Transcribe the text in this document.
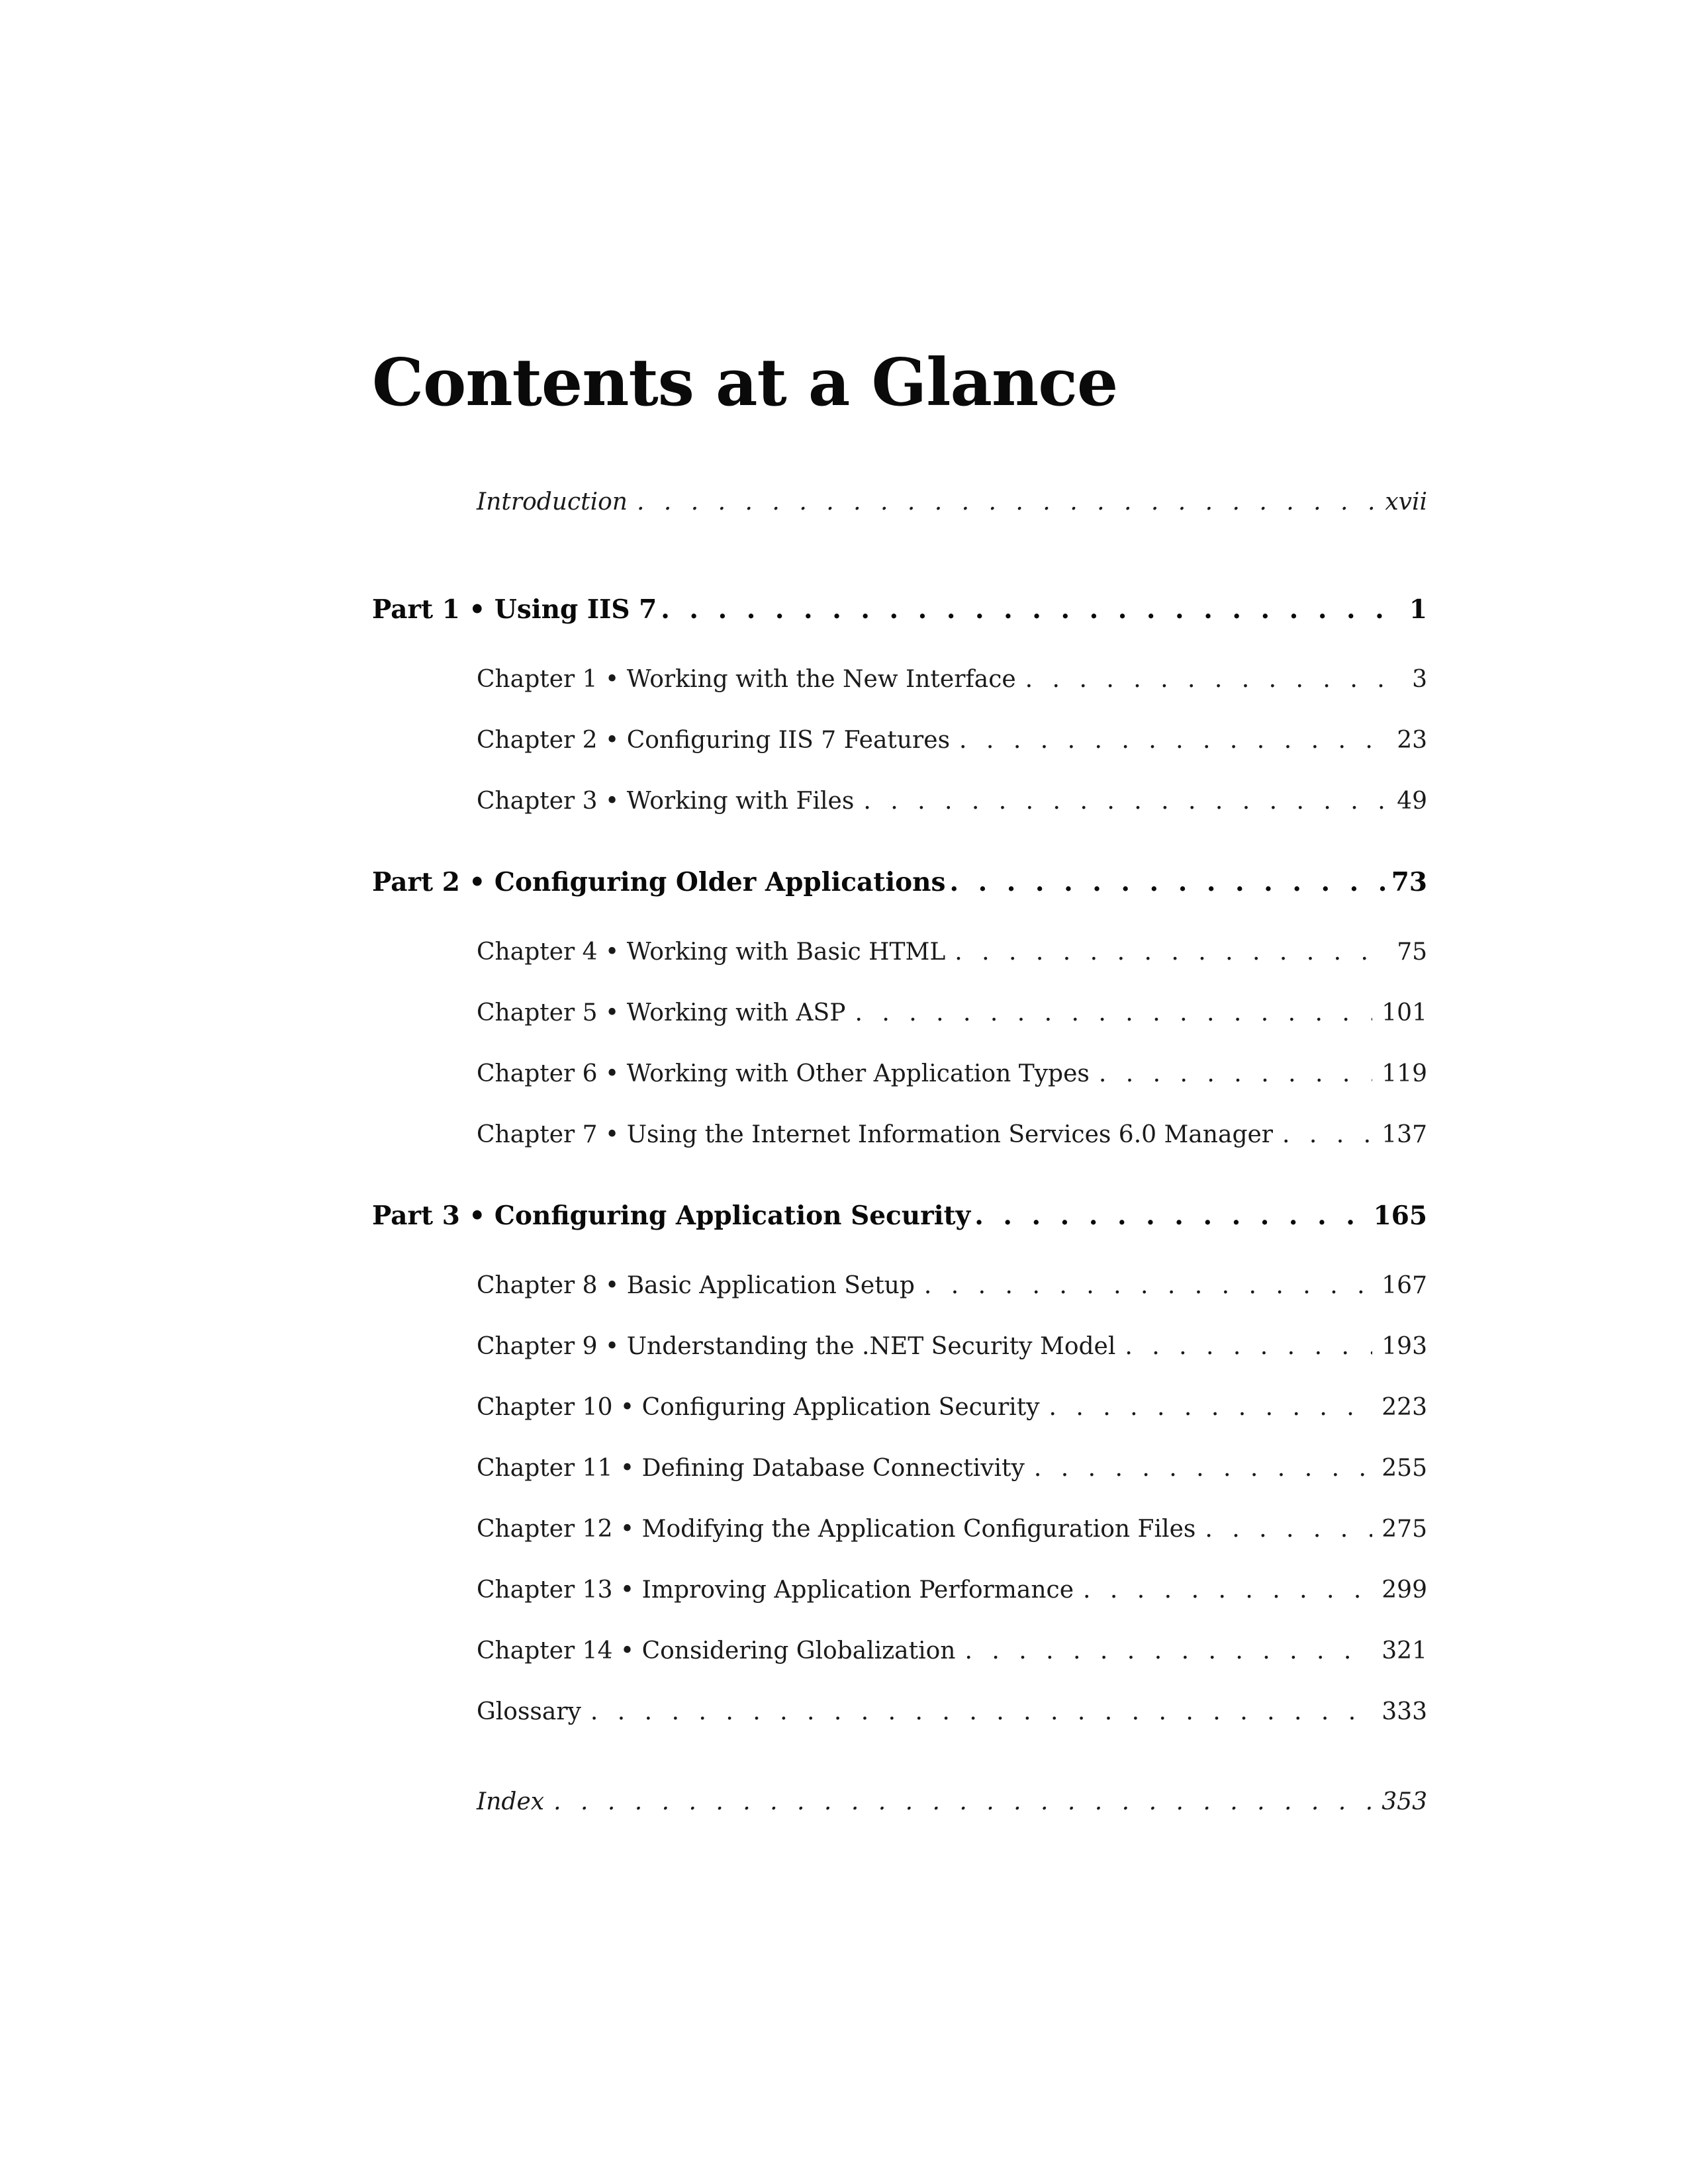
Contents at a Glance
Introduction . . .	xvii
Part 1 • Using IIS 7 . . .	1
Chapter 1 • Working with the New Interface . . .	3
Chapter 2 • Configuring IIS 7 Features . . .	23
Chapter 3 • Working with Files . . .	49
Part 2 • Configuring Older Applications . . .	73
Chapter 4 • Working with Basic HTML . . .	75
Chapter 5 • Working with ASP . . .	101
Chapter 6 • Working with Other Application Types . . .	119
Chapter 7 • Using the Internet Information Services 6.0 Manager . . .	137
Part 3 • Configuring Application Security . . .	165
Chapter 8 • Basic Application Setup . . .	167
Chapter 9 • Understanding the .NET Security Model . . .	193
Chapter 10 • Configuring Application Security . . .	223
Chapter 11 • Defining Database Connectivity . . .	255
Chapter 12 • Modifying the Application Configuration Files . . .	275
Chapter 13 • Improving Application Performance . . .	299
Chapter 14 • Considering Globalization . . .	321
Glossary . . .	333
Index . . .	353
